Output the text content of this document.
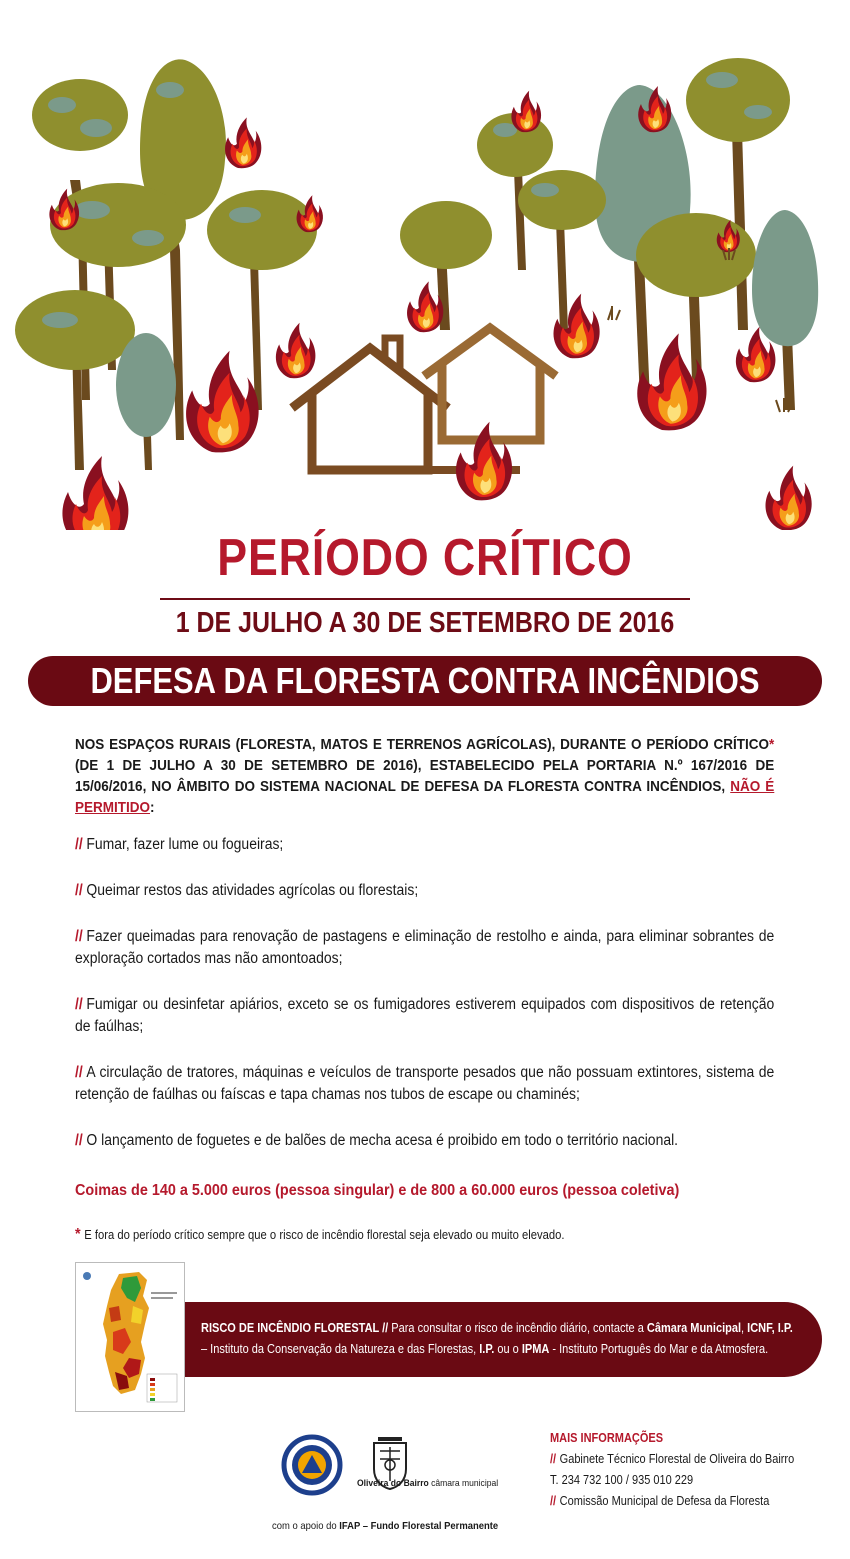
PERÍODO CRÍTICO
1 DE JULHO A 30 DE SETEMBRO DE 2016
DEFESA DA FLORESTA CONTRA INCÊNDIOS
NOS ESPAÇOS RURAIS (FLORESTA, MATOS E TERRENOS AGRÍCOLAS), DURANTE O PERÍODO CRÍTICO* (DE 1 DE JULHO A 30 DE SETEMBRO DE 2016), ESTABELECIDO PELA PORTARIA N.º 167/2016 DE 15/06/2016, NO ÂMBITO DO SISTEMA NACIONAL DE DEFESA DA FLORESTA CONTRA INCÊNDIOS, NÃO É PERMITIDO:
// Fumar, fazer lume ou fogueiras;
// Queimar restos das atividades agrícolas ou florestais;
// Fazer queimadas para renovação de pastagens e eliminação de restolho e ainda, para eliminar sobrantes de exploração cortados mas não amontoados;
// Fumigar ou desinfetar apiários, exceto se os fumigadores estiverem equipados com dispositivos de retenção de faúlhas;
// A circulação de tratores, máquinas e veículos de transporte pesados que não possuam extintores, sistema de retenção de faúlhas ou faíscas e tapa chamas nos tubos de escape ou chaminés;
// O lançamento de foguetes e de balões de mecha acesa é proibido em todo o território nacional.
Coimas de 140 a 5.000 euros (pessoa singular) e de 800 a 60.000 euros (pessoa coletiva)
* E fora do período crítico sempre que o risco de incêndio florestal seja elevado ou muito elevado.
RISCO DE INCÊNDIO FLORESTAL // Para consultar o risco de incêndio diário, contacte a Câmara Municipal, ICNF, I.P. – Instituto da Conservação da Natureza e das Florestas, I.P. ou o IPMA - Instituto Português do Mar e da Atmosfera.
Oliveira do Bairro câmara municipal
com o apoio do IFAP – Fundo Florestal Permanente
MAIS INFORMAÇÕES
// Gabinete Técnico Florestal de Oliveira do Bairro
T. 234 732 100 / 935 010 229
// Comissão Municipal de Defesa da Floresta
